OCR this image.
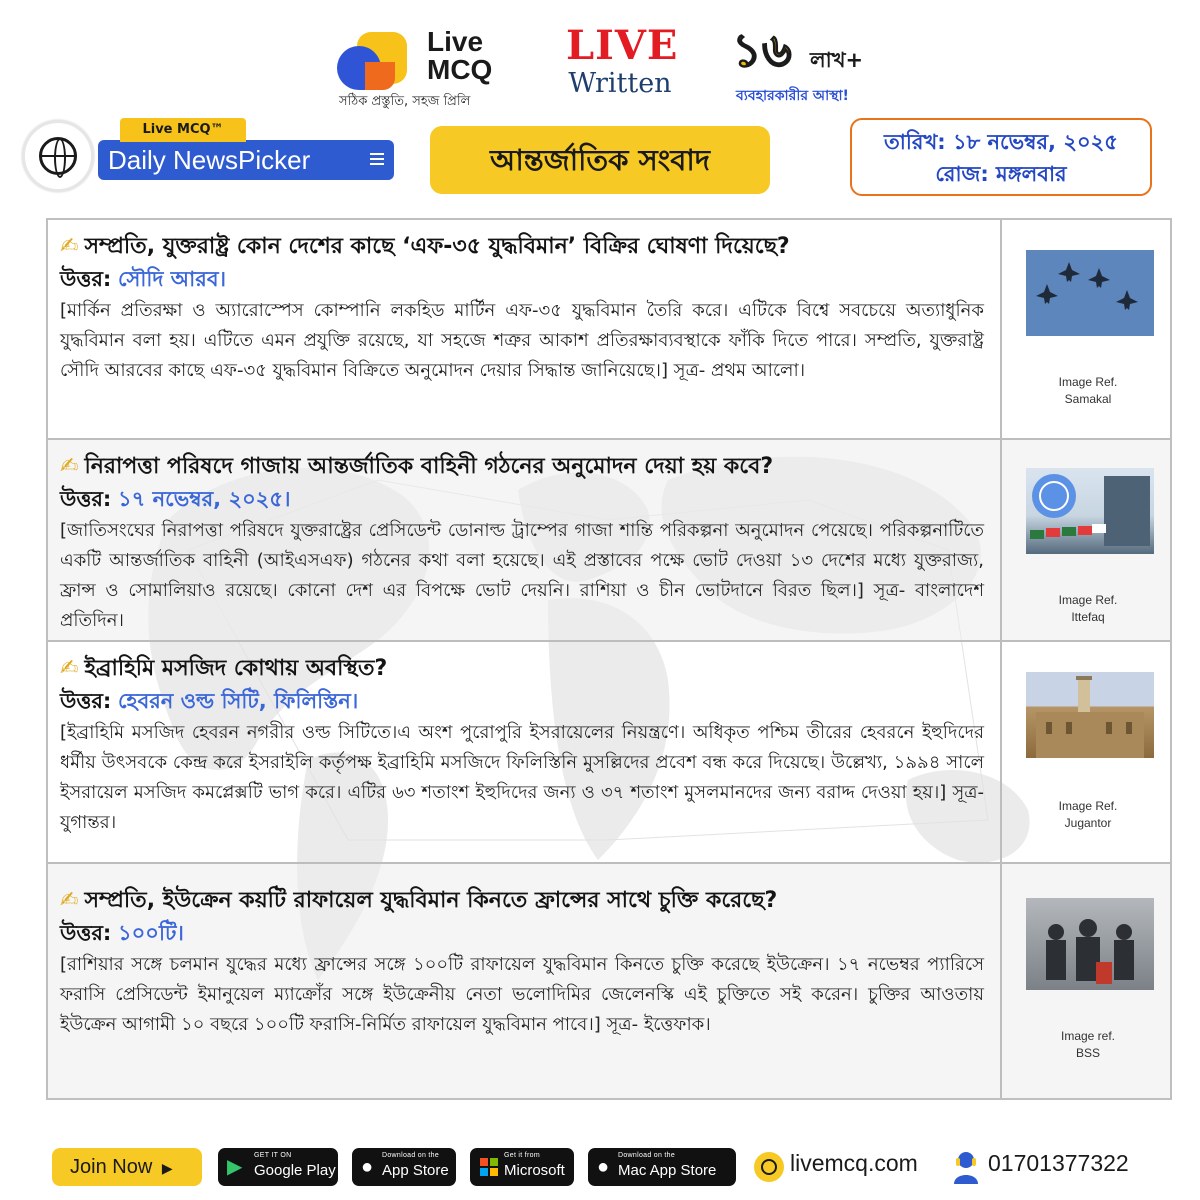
Live
MCQ
সঠিক প্রস্তুতি, সহজ প্রিলি
LIVE
Written
১৬ লাখ+
ব্যবহারকারীর আস্থা!
Daily NewsPicker
Live MCQ™
আন্তর্জাতিক সংবাদ
তারিখ: ১৮ নভেম্বর, ২০২৫
রোজ: মঙ্গলবার
✍ সম্প্রতি, যুক্তরাষ্ট্র কোন দেশের কাছে ‘এফ-৩৫ যুদ্ধবিমান’ বিক্রির ঘোষণা দিয়েছে?
উত্তর: সৌদি আরব।
[মার্কিন প্রতিরক্ষা ও অ্যারোস্পেস কোম্পানি লকহিড মার্টিন এফ-৩৫ যুদ্ধবিমান তৈরি করে। এটিকে বিশ্বে সবচেয়ে অত্যাধুনিক যুদ্ধবিমান বলা হয়। এটিতে এমন প্রযুক্তি রয়েছে, যা সহজে শত্রুর আকাশ প্রতিরক্ষাব্যবস্থাকে ফাঁকি দিতে পারে। সম্প্রতি, যুক্তরাষ্ট্র সৌদি আরবের কাছে এফ-৩৫ যুদ্ধবিমান বিক্রিতে অনুমোদন দেয়ার সিদ্ধান্ত জানিয়েছে।] সূত্র- প্রথম আলো।
Image Ref.
Samakal
✍ নিরাপত্তা পরিষদে গাজায় আন্তর্জাতিক বাহিনী গঠনের অনুমোদন দেয়া হয় কবে?
উত্তর: ১৭ নভেম্বর, ২০২৫।
[জাতিসংঘের নিরাপত্তা পরিষদে যুক্তরাষ্ট্রের প্রেসিডেন্ট ডোনাল্ড ট্রাম্পের গাজা শান্তি পরিকল্পনা অনুমোদন পেয়েছে। পরিকল্পনাটিতে একটি আন্তর্জাতিক বাহিনী (আইএসএফ) গঠনের কথা বলা হয়েছে। এই প্রস্তাবের পক্ষে ভোট দেওয়া ১৩ দেশের মধ্যে যুক্তরাজ্য, ফ্রান্স ও সোমালিয়াও রয়েছে। কোনো দেশ এর বিপক্ষে ভোট দেয়নি। রাশিয়া ও চীন ভোটদানে বিরত ছিল।] সূত্র- বাংলাদেশ প্রতিদিন।
Image Ref.
Ittefaq
✍ ইব্রাহিমি মসজিদ কোথায় অবস্থিত?
উত্তর: হেবরন ওল্ড সিটি, ফিলিস্তিন।
[ইব্রাহিমি মসজিদ হেবরন নগরীর ওল্ড সিটিতে।এ অংশ পুরোপুরি ইসরায়েলের নিয়ন্ত্রণে। অধিকৃত পশ্চিম তীরের হেবরনে ইহুদিদের ধর্মীয় উৎসবকে কেন্দ্র করে ইসরাইলি কর্তৃপক্ষ ইব্রাহিমি মসজিদে ফিলিস্তিনি মুসল্লিদের প্রবেশ বন্ধ করে দিয়েছে। উল্লেখ্য, ১৯৯৪ সালে ইসরায়েল মসজিদ কমপ্লেক্সটি ভাগ করে। এটির ৬৩ শতাংশ ইহুদিদের জন্য ও ৩৭ শতাংশ মুসলমানদের জন্য বরাদ্দ দেওয়া হয়।] সূত্র- যুগান্তর।
Image Ref.
Jugantor
✍ সম্প্রতি, ইউক্রেন কয়টি রাফায়েল যুদ্ধবিমান কিনতে ফ্রান্সের সাথে চুক্তি করেছে?
উত্তর: ১০০টি।
[রাশিয়ার সঙ্গে চলমান যুদ্ধের মধ্যে ফ্রান্সের সঙ্গে ১০০টি রাফায়েল যুদ্ধবিমান কিনতে চুক্তি করেছে ইউক্রেন। ১৭ নভেম্বর প্যারিসে ফরাসি প্রেসিডেন্ট ইমানুয়েল ম্যাক্রোঁর সঙ্গে ইউক্রেনীয় নেতা ভলোদিমির জেলেনস্কি এই চুক্তিতে সই করেন। চুক্তির আওতায় ইউক্রেন আগামী ১০ বছরে ১০০টি ফরাসি-নির্মিত রাফায়েল যুদ্ধবিমান পাবে।] সূত্র- ইত্তেফাক।
Image ref.
BSS
Join Now ▶	▶
GET IT ON
Google Play ●
Download on the
App Store
Get it from
Microsoft ●
Download on the
Mac App Store	livemcq.com	01701377322
